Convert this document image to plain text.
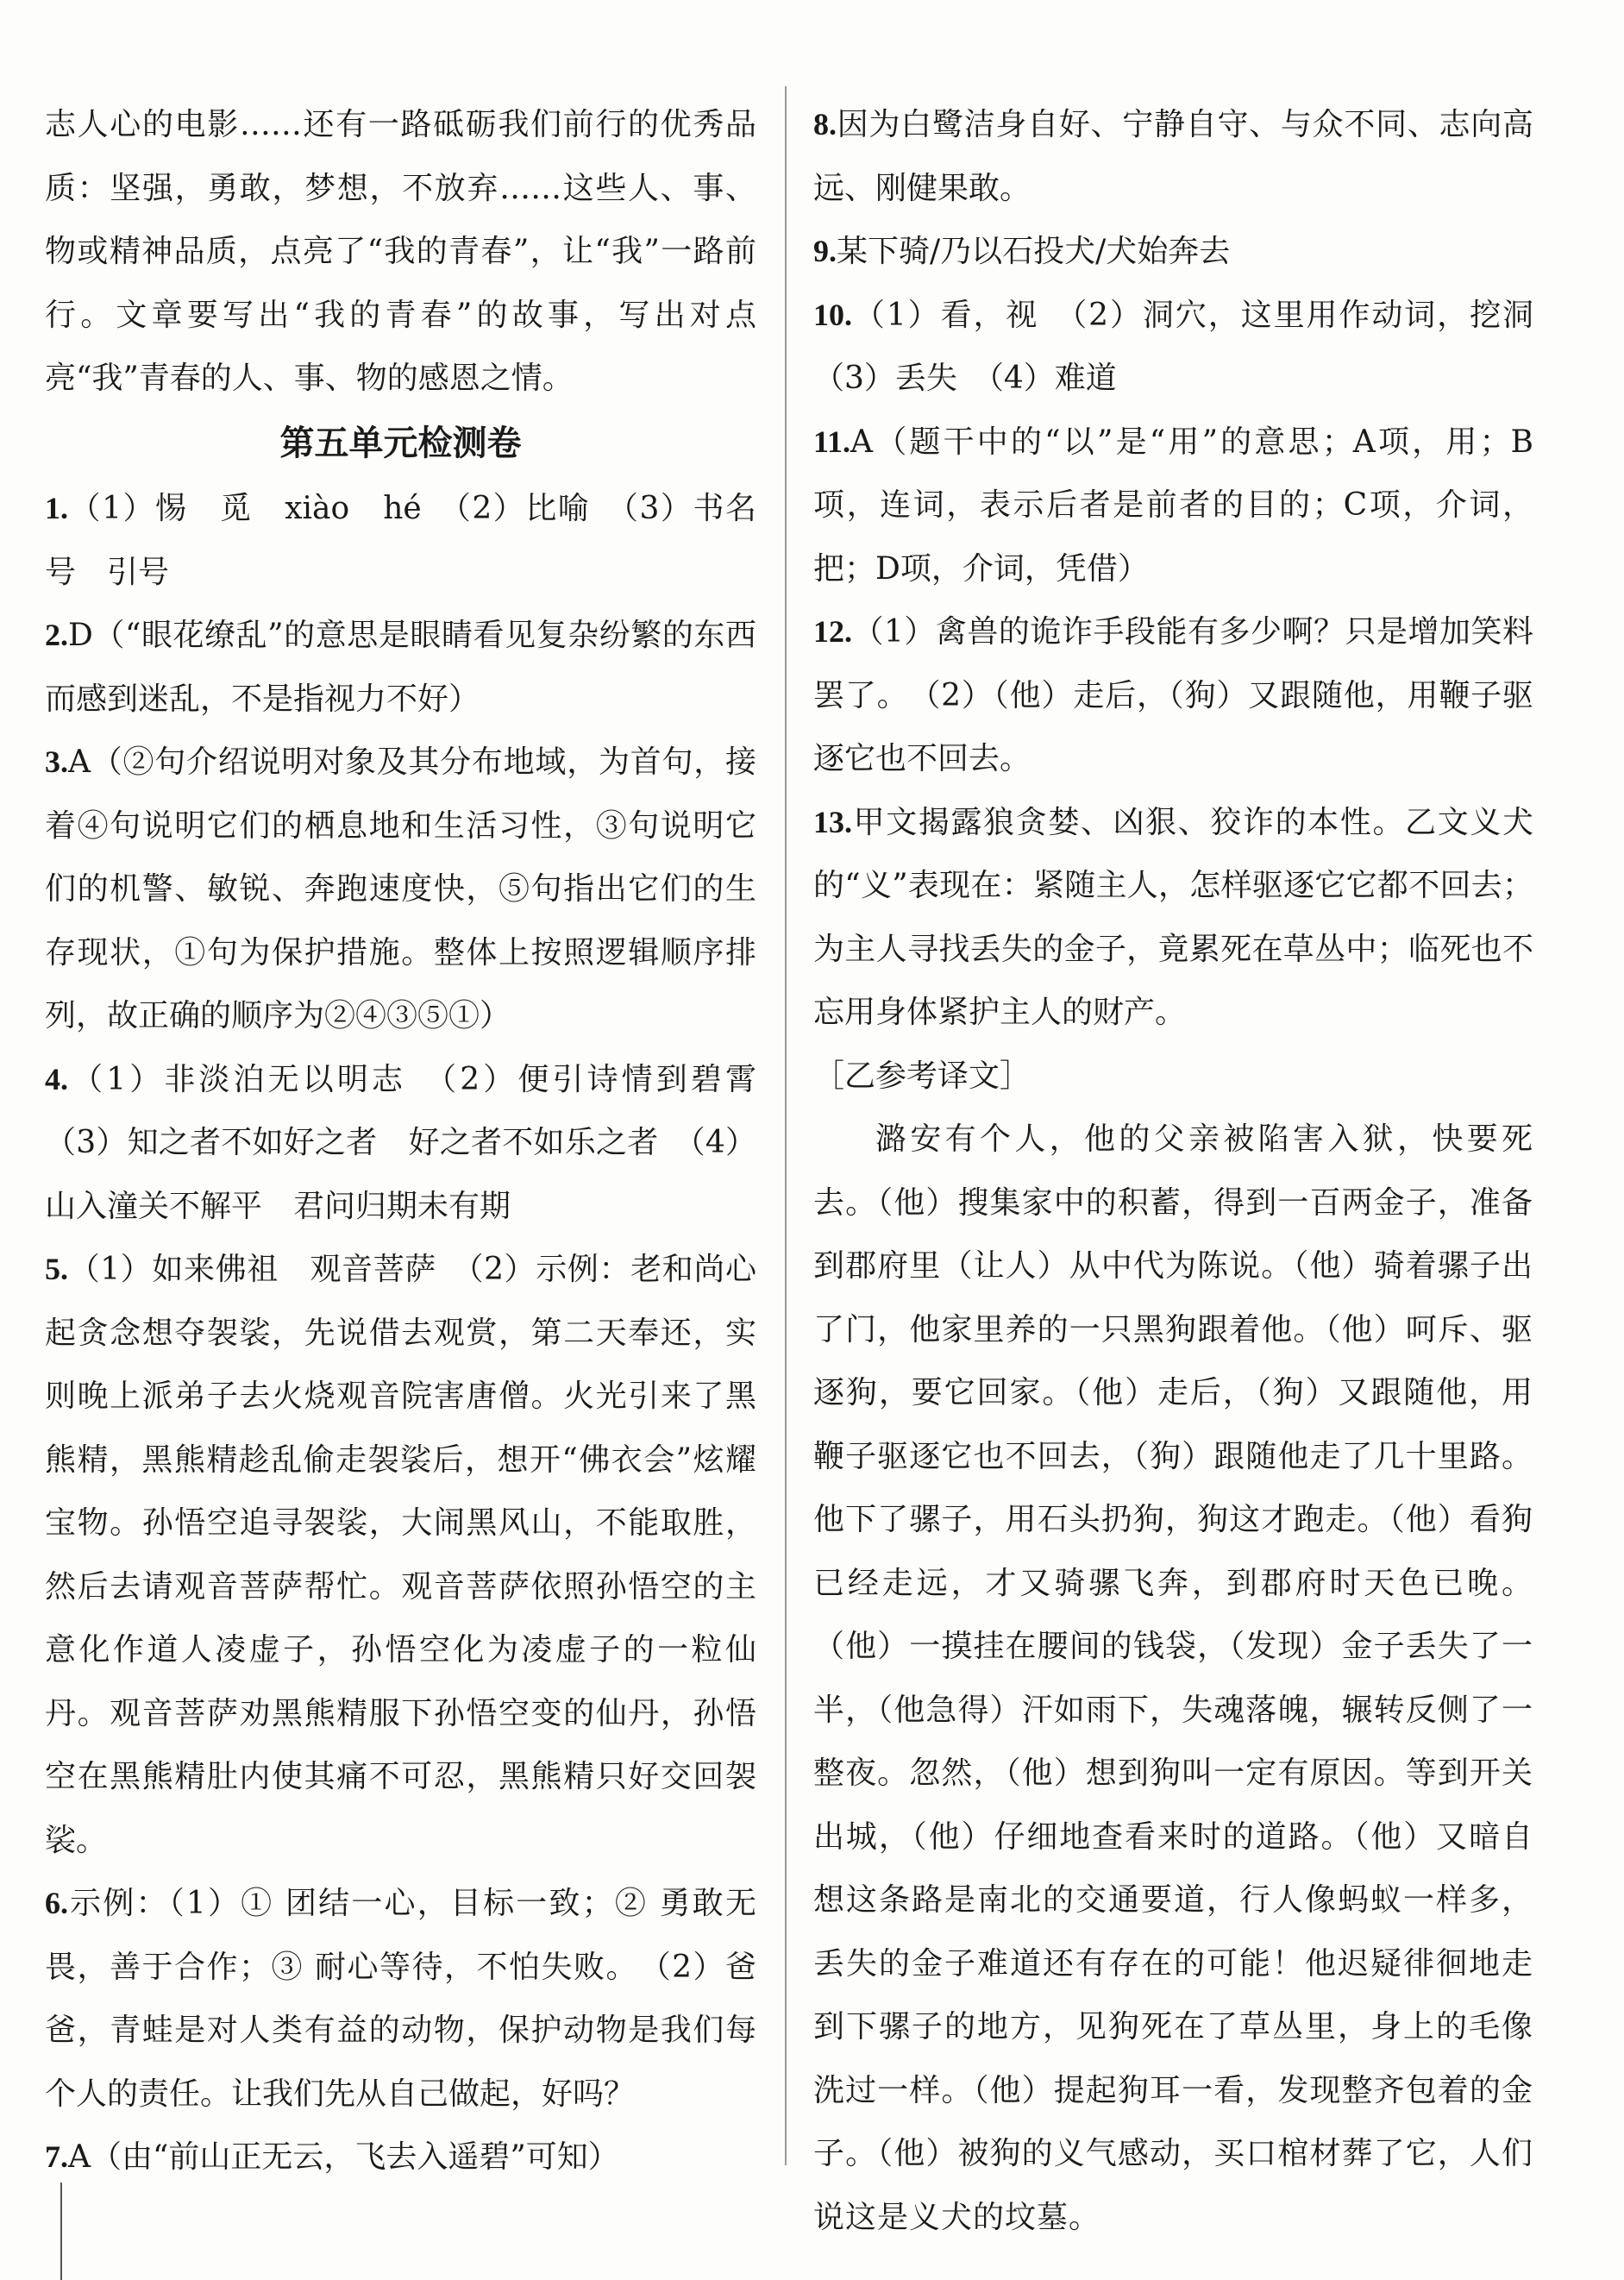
志人心的电影……还有一路砥砺我们前行的优秀品质：坚强，勇敢，梦想，不放弃……这些人、事、物或精神品质，点亮了“我的青春”，让“我”一路前行。文章要写出“我的青春”的故事，写出对点亮“我”青春的人、事、物的感恩之情。

第五单元检测卷

1.（1）惕　觅　xiào　hé　（2）比喻　（3）书名号　引号

2.D（“眼花缭乱”的意思是眼睛看见复杂纷繁的东西而感到迷乱，不是指视力不好）

3.A（②句介绍说明对象及其分布地域，为首句，接着④句说明它们的栖息地和生活习性，③句说明它们的机警、敏锐、奔跑速度快，⑤句指出它们的生存现状，①句为保护措施。整体上按照逻辑顺序排列，故正确的顺序为②④③⑤①）

4.（1）非淡泊无以明志　（2）便引诗情到碧霄　（3）知之者不如好之者　好之者不如乐之者　（4）山入潼关不解平　君问归期未有期

5.（1）如来佛祖　观音菩萨　（2）示例：老和尚心起贪念想夺袈裟，先说借去观赏，第二天奉还，实则晚上派弟子去火烧观音院害唐僧。火光引来了黑熊精，黑熊精趁乱偷走袈裟后，想开“佛衣会”炫耀宝物。孙悟空追寻袈裟，大闹黑风山，不能取胜，然后去请观音菩萨帮忙。观音菩萨依照孙悟空的主意化作道人凌虚子，孙悟空化为凌虚子的一粒仙丹。观音菩萨劝黑熊精服下孙悟空变的仙丹，孙悟空在黑熊精肚内使其痛不可忍，黑熊精只好交回袈裟。

6.示例：（1）① 团结一心，目标一致；② 勇敢无畏，善于合作；③ 耐心等待，不怕失败。　（2）爸爸，青蛙是对人类有益的动物，保护动物是我们每个人的责任。让我们先从自己做起，好吗？

7.A（由“前山正无云，飞去入遥碧”可知）

8.因为白鹭洁身自好、宁静自守、与众不同、志向高远、刚健果敢。

9.某下骑/乃以石投犬/犬始奔去

10.（1）看，视　（2）洞穴，这里用作动词，挖洞　（3）丢失　（4）难道

11.A（题干中的“以”是“用”的意思；A项，用；B项，连词，表示后者是前者的目的；C项，介词，把；D项，介词，凭借）

12.（1）禽兽的诡诈手段能有多少啊？只是增加笑料罢了。　（2）（他）走后，（狗）又跟随他，用鞭子驱逐它也不回去。

13.甲文揭露狼贪婪、凶狠、狡诈的本性。乙文义犬的“义”表现在：紧随主人，怎样驱逐它它都不回去；为主人寻找丢失的金子，竟累死在草丛中；临死也不忘用身体紧护主人的财产。

［乙参考译文］

潞安有个人，他的父亲被陷害入狱，快要死去。（他）搜集家中的积蓄，得到一百两金子，准备到郡府里（让人）从中代为陈说。（他）骑着骡子出了门，他家里养的一只黑狗跟着他。（他）呵斥、驱逐狗，要它回家。（他）走后，（狗）又跟随他，用鞭子驱逐它也不回去，（狗）跟随他走了几十里路。他下了骡子，用石头扔狗，狗这才跑走。（他）看狗已经走远，才又骑骡飞奔，到郡府时天色已晚。（他）一摸挂在腰间的钱袋，（发现）金子丢失了一半，（他急得）汗如雨下，失魂落魄，辗转反侧了一整夜。忽然，（他）想到狗叫一定有原因。等到开关出城，（他）仔细地查看来时的道路。（他）又暗自想这条路是南北的交通要道，行人像蚂蚁一样多，丢失的金子难道还有存在的可能！他迟疑徘徊地走到下骡子的地方，见狗死在了草丛里，身上的毛像洗过一样。（他）提起狗耳一看，发现整齐包着的金子。（他）被狗的义气感动，买口棺材葬了它，人们说这是义犬的坟墓。
